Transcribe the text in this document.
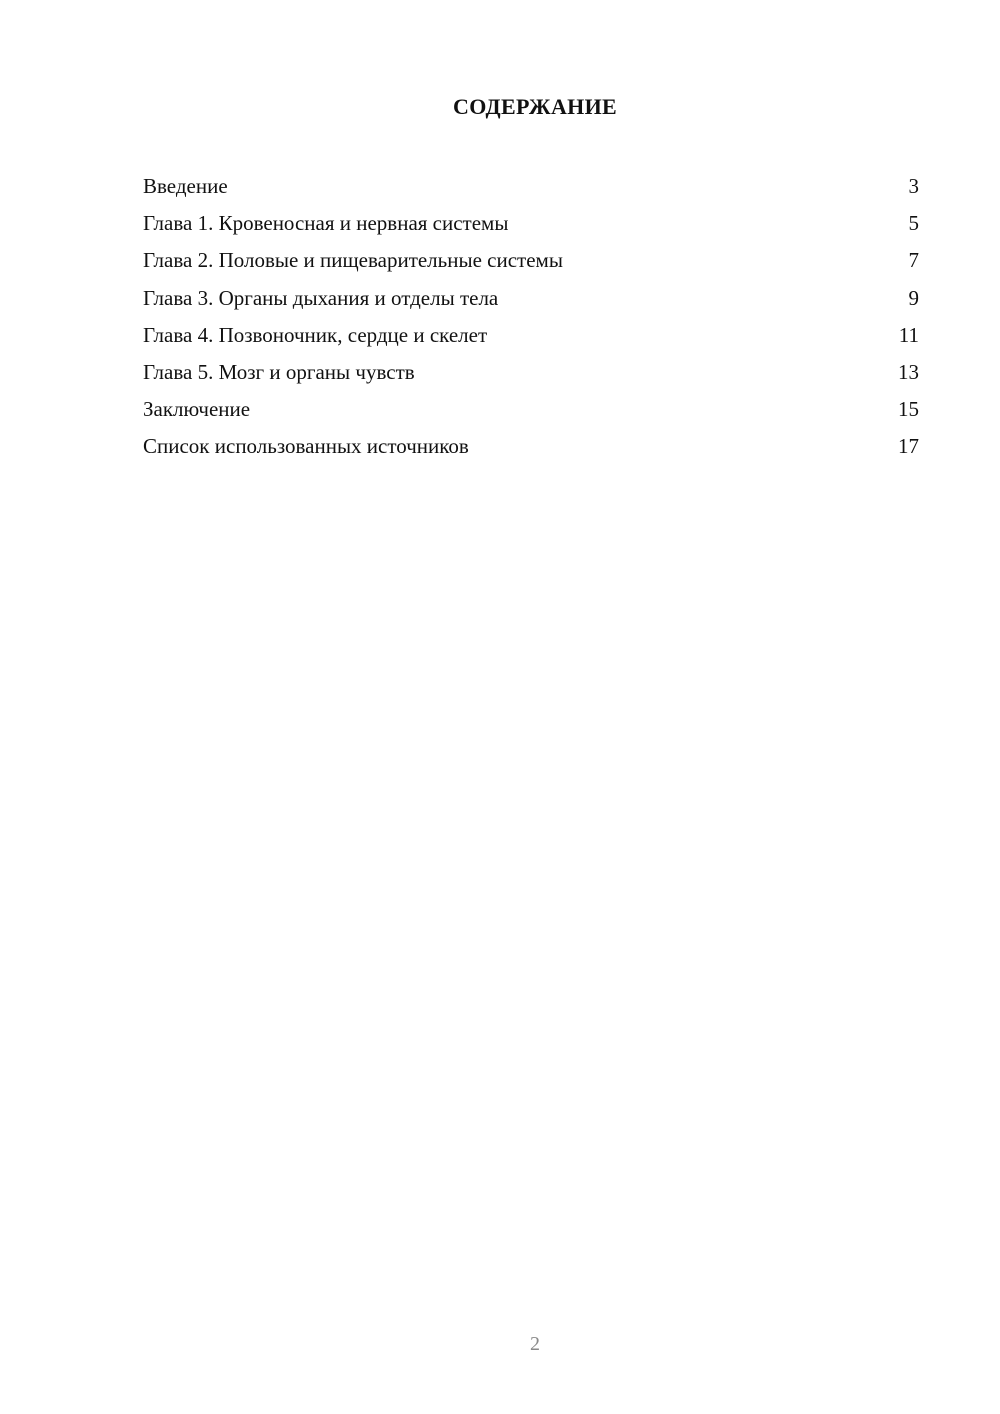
СОДЕРЖАНИЕ
Введение	3
Глава 1. Кровеносная и нервная системы	5
Глава 2. Половые и пищеварительные системы	7
Глава 3. Органы дыхания и отделы тела	9
Глава 4. Позвоночник, сердце и скелет	11
Глава 5. Мозг и органы чувств	13
Заключение	15
Список использованных источников	17
2
